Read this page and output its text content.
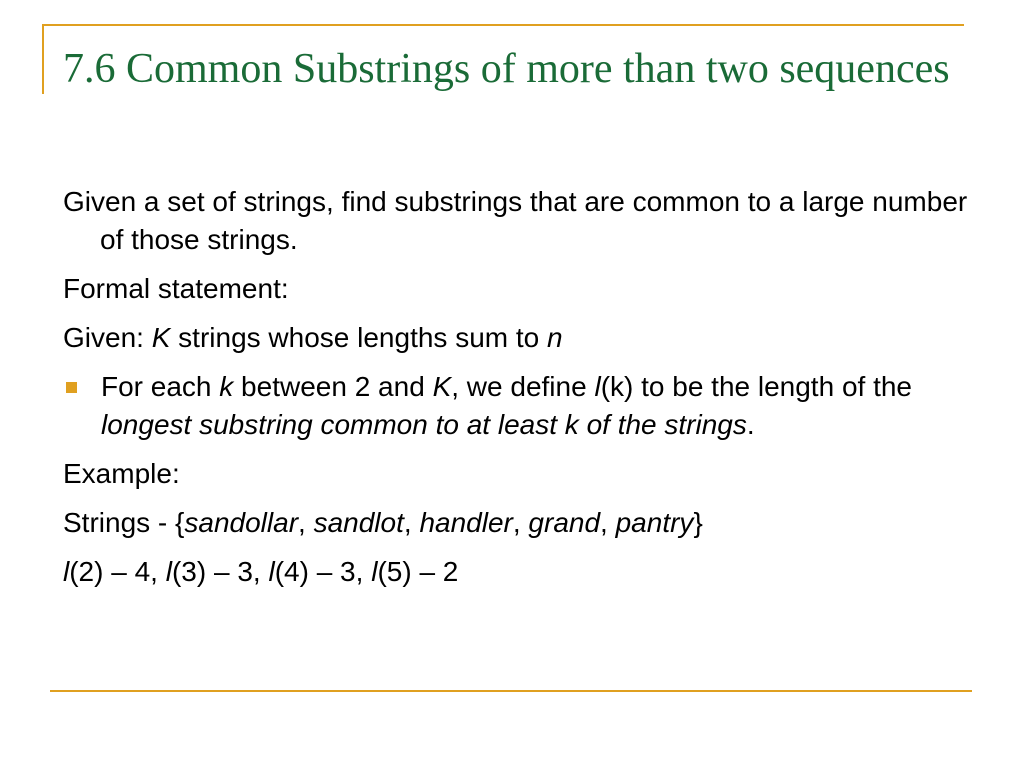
7.6 Common Substrings of more than two sequences

Given a set of strings, find substrings that are common to a large number of those strings.

Formal statement:

Given: K strings whose lengths sum to n

For each k between 2 and K, we define l(k) to be the length of the longest substring common to at least k of the strings.

Example:

Strings - {sandollar, sandlot, handler, grand, pantry}

l(2) – 4, l(3) – 3, l(4) – 3, l(5) – 2
